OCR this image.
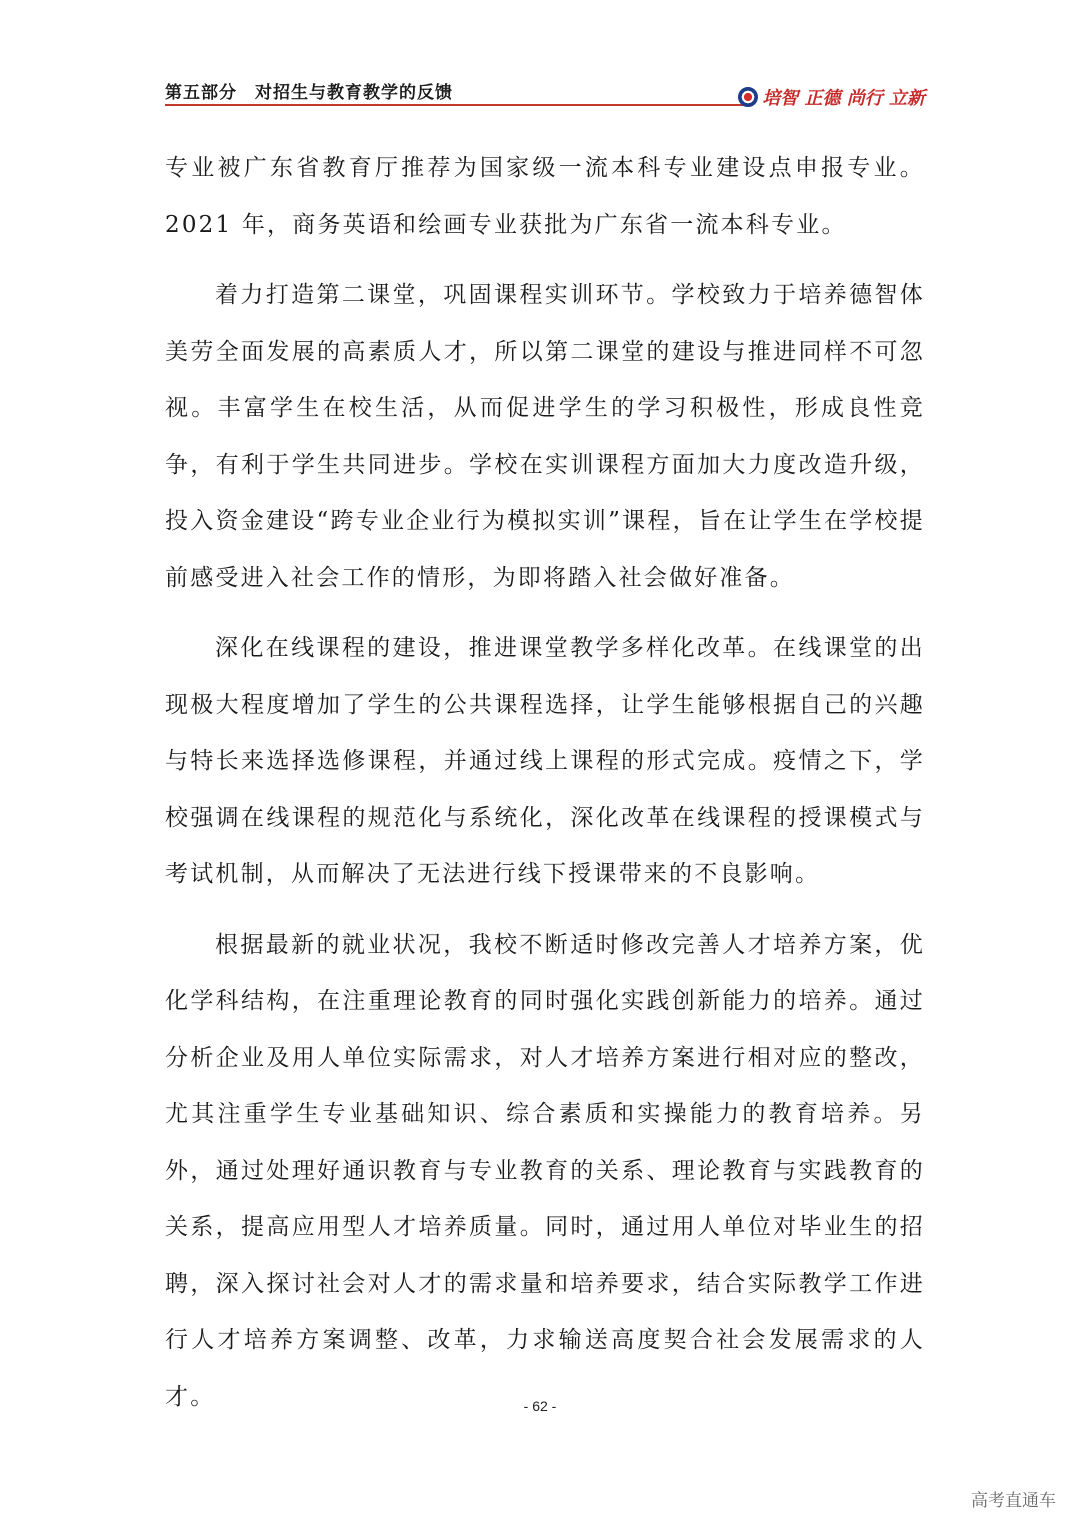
第五部分　对招生与教育教学的反馈	培智 正德 尚行 立新

专业被广东省教育厅推荐为国家级一流本科专业建设点申报专业。2021 年，商务英语和绘画专业获批为广东省一流本科专业。

着力打造第二课堂，巩固课程实训环节。学校致力于培养德智体美劳全面发展的高素质人才，所以第二课堂的建设与推进同样不可忽视。丰富学生在校生活，从而促进学生的学习积极性，形成良性竞争，有利于学生共同进步。学校在实训课程方面加大力度改造升级，投入资金建设“跨专业企业行为模拟实训”课程，旨在让学生在学校提前感受进入社会工作的情形，为即将踏入社会做好准备。

深化在线课程的建设，推进课堂教学多样化改革。在线课堂的出现极大程度增加了学生的公共课程选择，让学生能够根据自己的兴趣与特长来选择选修课程，并通过线上课程的形式完成。疫情之下，学校强调在线课程的规范化与系统化，深化改革在线课程的授课模式与考试机制，从而解决了无法进行线下授课带来的不良影响。

根据最新的就业状况，我校不断适时修改完善人才培养方案，优化学科结构，在注重理论教育的同时强化实践创新能力的培养。通过分析企业及用人单位实际需求，对人才培养方案进行相对应的整改，尤其注重学生专业基础知识、综合素质和实操能力的教育培养。另外，通过处理好通识教育与专业教育的关系、理论教育与实践教育的关系，提高应用型人才培养质量。同时，通过用人单位对毕业生的招聘，深入探讨社会对人才的需求量和培养要求，结合实际教学工作进行人才培养方案调整、改革，力求输送高度契合社会发展需求的人才。	- 62 -
高考直通车
